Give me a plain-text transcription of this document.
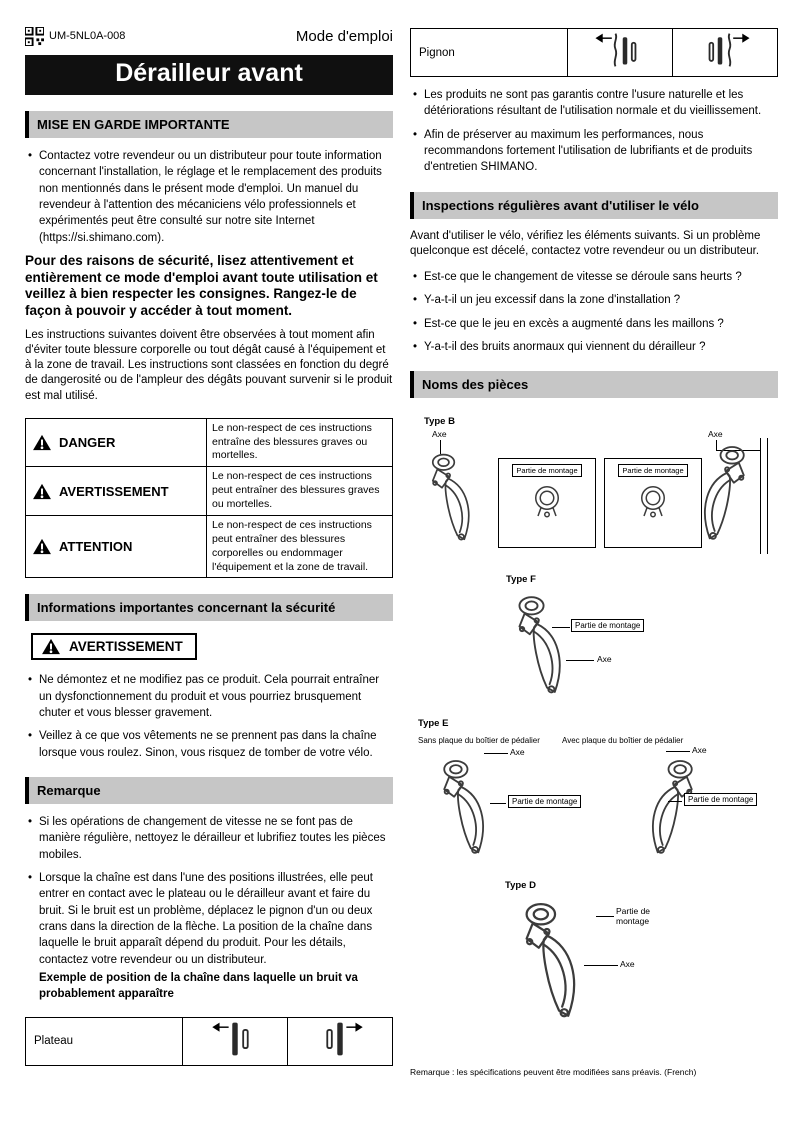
UM-5NL0A-008	Mode d'emploi
Dérailleur avant
MISE EN GARDE IMPORTANTE
• Contactez votre revendeur ou un distributeur pour toute information concernant l'installation, le réglage et le remplacement des produits non mentionnés dans le présent mode d'emploi. Un manuel du revendeur à l'attention des mécaniciens vélo professionnels et expérimentés peut être consulté sur notre site Internet (https://si.shimano.com).

Pour des raisons de sécurité, lisez attentivement et entièrement ce mode d'emploi avant toute utilisation et veillez à bien respecter les consignes. Rangez-le de façon à pouvoir y accéder à tout moment.

Les instructions suivantes doivent être observées à tout moment afin d'éviter toute blessure corporelle ou tout dégât causé à l'équipement et à la zone de travail. Les instructions sont classées en fonction du degré de dangerosité ou de l'ampleur des dégâts pouvant survenir si le produit est mal utilisé.

DANGER	Le non-respect de ces instructions entraîne des blessures graves ou mortelles.

AVERTISSEMENT	Le non-respect de ces instructions peut entraîner des blessures graves ou mortelles.

ATTENTION	Le non-respect de ces instructions peut entraîner des blessures corporelles ou endommager l'équipement et la zone de travail.
Informations importantes concernant la sécurité
AVERTISSEMENT
• Ne démontez et ne modifiez pas ce produit. Cela pourrait entraîner un dysfonctionnement du produit et vous pourriez brusquement chuter et vous blesser gravement.
• Veillez à ce que vos vêtements ne se prennent pas dans la chaîne lorsque vous roulez. Sinon, vous risquez de tomber de votre vélo.
Remarque
• Si les opérations de changement de vitesse ne se font pas de manière régulière, nettoyez le dérailleur et lubrifiez toutes les pièces mobiles.
• Lorsque la chaîne est dans l'une des positions illustrées, elle peut entrer en contact avec le plateau ou le dérailleur avant et faire du bruit. Si le bruit est un problème, déplacez le pignon d'un ou deux crans dans la direction de la flèche. La position de la chaîne dans laquelle le bruit apparaît dépend du produit. Pour les détails, contactez votre revendeur ou un distributeur.
Exemple de position de la chaîne dans laquelle un bruit va probablement apparaître
Plateau		
Pignon		
• Les produits ne sont pas garantis contre l'usure naturelle et les détériorations résultant de l'utilisation normale et du vieillissement.
• Afin de préserver au maximum les performances, nous recommandons fortement l'utilisation de lubrifiants et de produits d'entretien SHIMANO.
Inspections régulières avant d'utiliser le vélo

Avant d'utiliser le vélo, vérifiez les éléments suivants. Si un problème quelconque est décelé, contactez votre revendeur ou un distributeur.

• Est-ce que le changement de vitesse se déroule sans heurts ?
• Y-a-t-il un jeu excessif dans la zone d'installation ?
• Est-ce que le jeu en excès a augmenté dans les maillons ?
• Y-a-t-il des bruits anormaux qui viennent du dérailleur ?
Noms des pièces
Type B
Axe
Partie de montage	Partie de montage

Axe
Type F
Partie de montage
Axe
Type E
Sans plaque du boîtier de pédalier	Avec plaque du boîtier de pédalier
Axe
Partie de montage
Axe
Partie de montage
Type D
Partie de montage
Axe

Remarque : les spécifications peuvent être modifiées sans préavis. (French)
